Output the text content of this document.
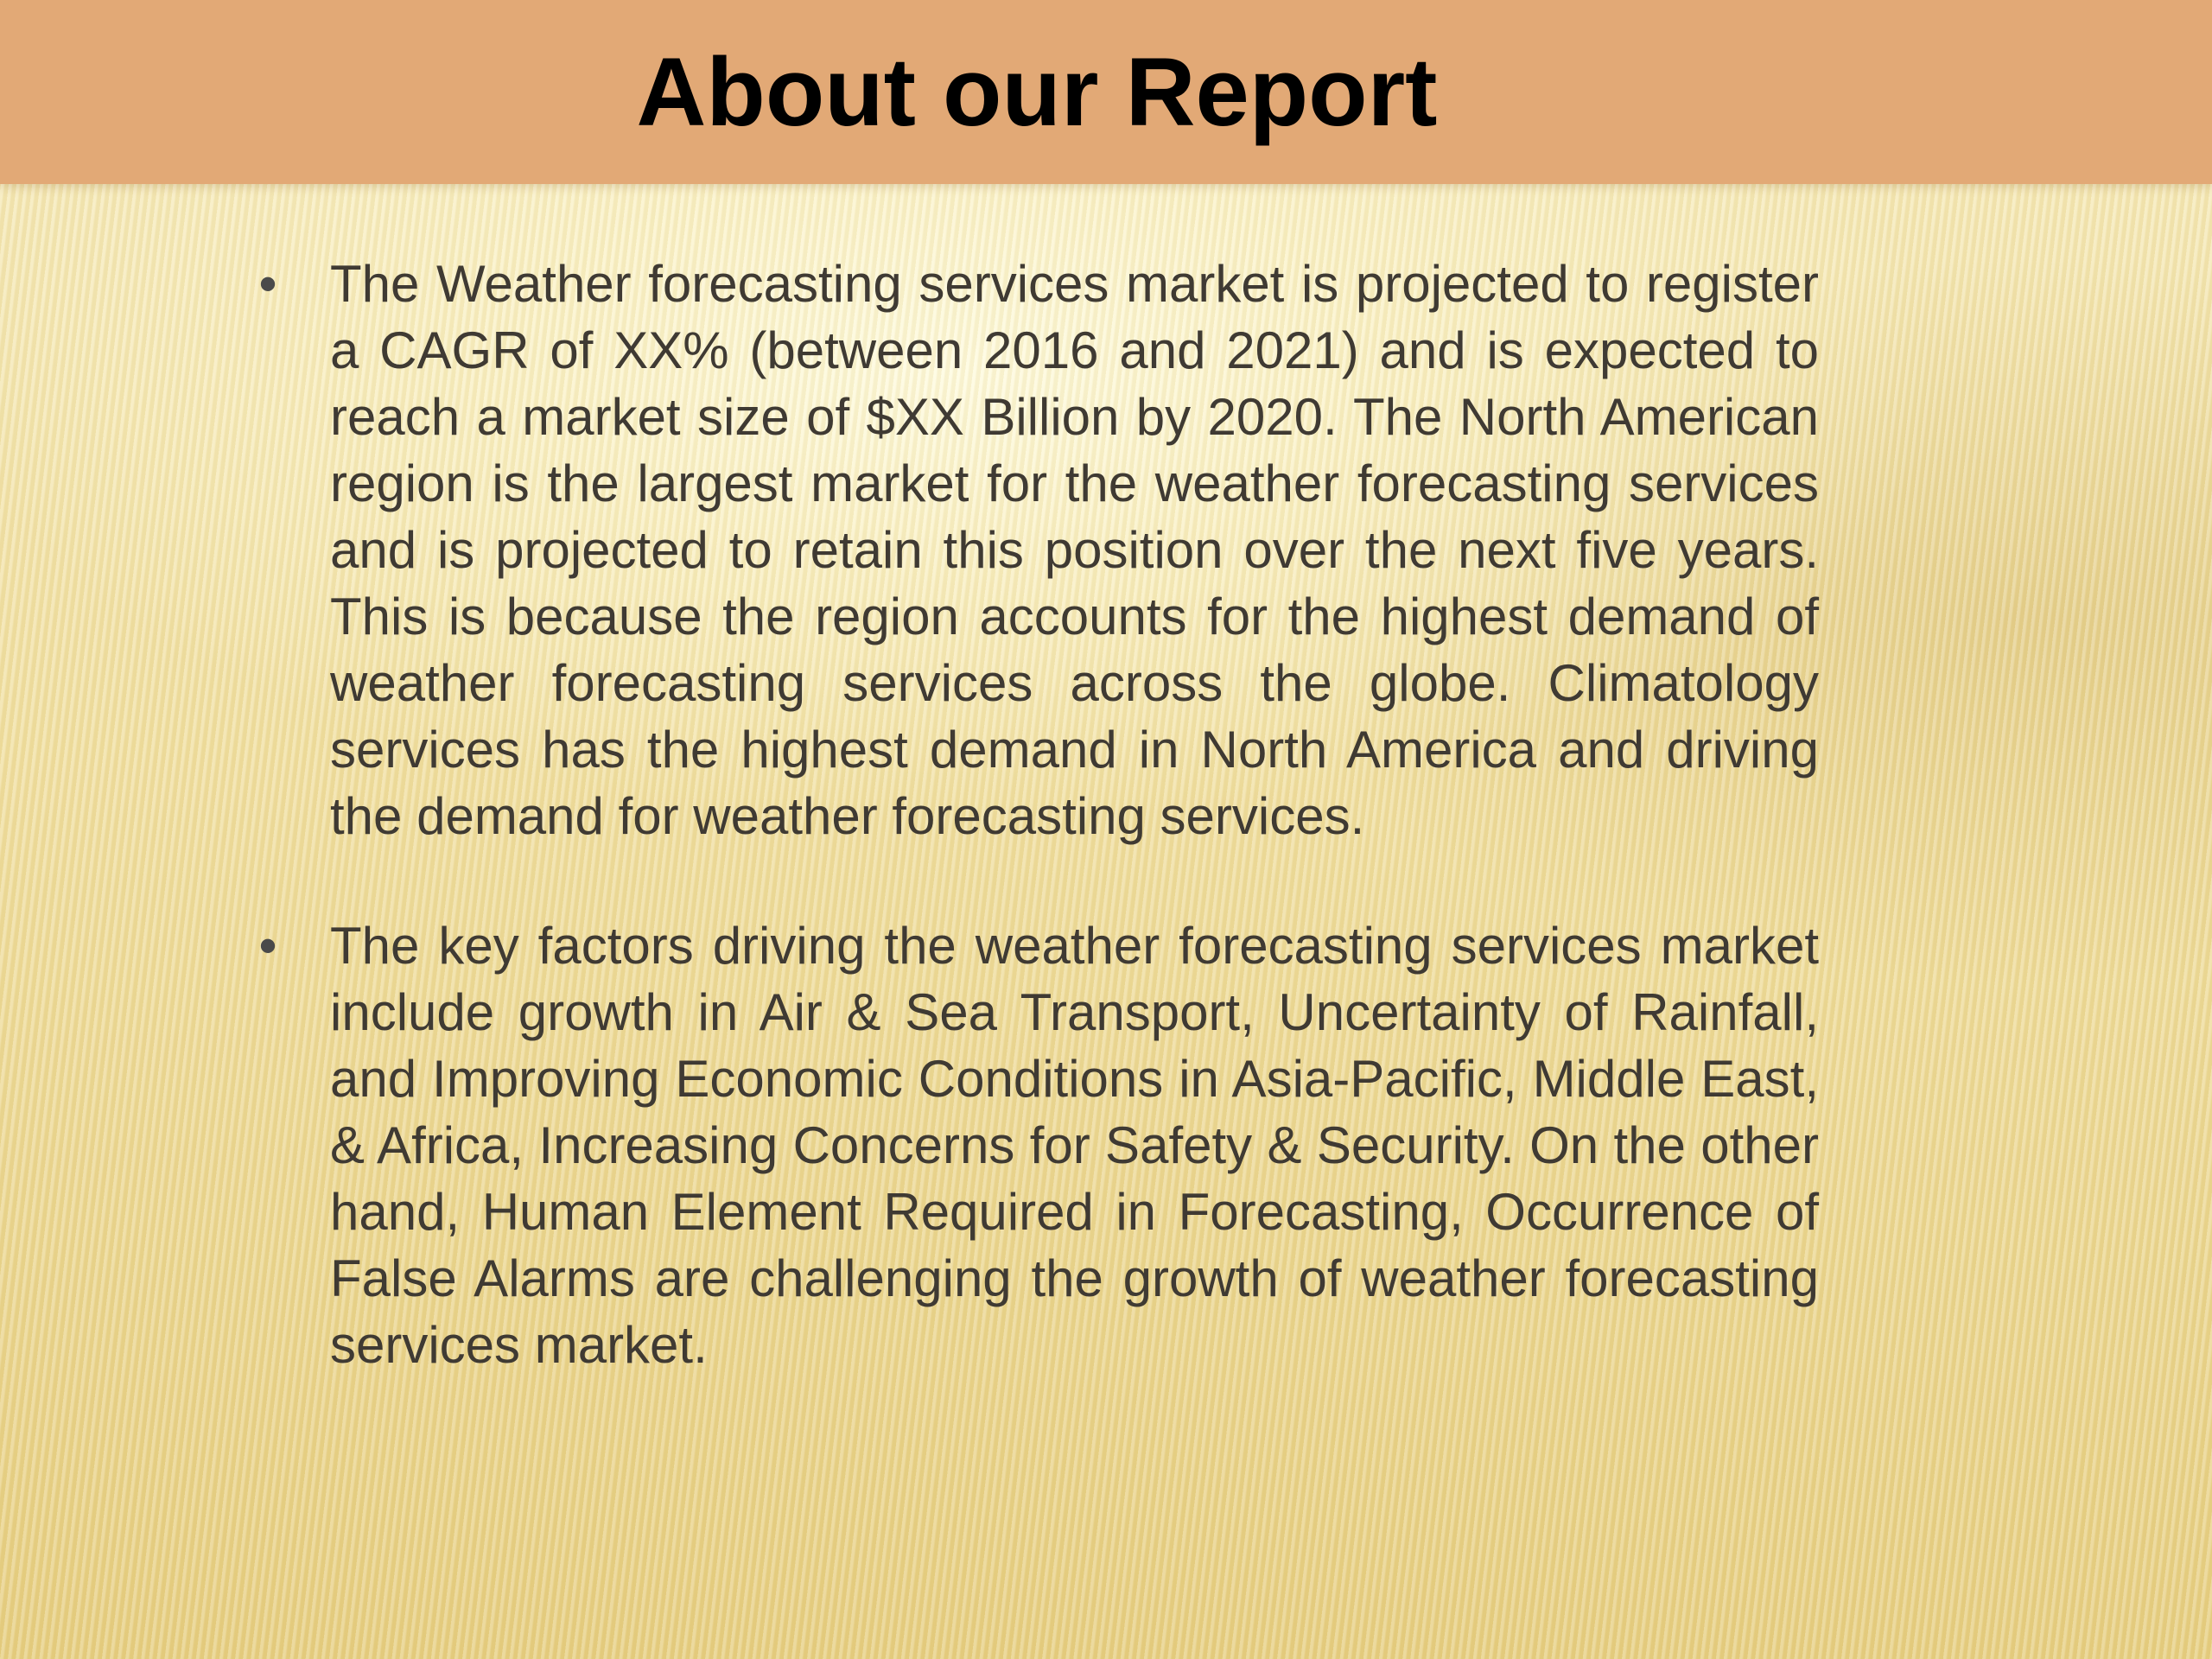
About our Report
• The Weather forecasting services market is projected to register a CAGR of XX% (between 2016 and 2021) and is expected to reach a market size of $XX Billion by 2020. The North American region is the largest market for the weather forecasting services and is projected to retain this position over the next five years. This is because the region accounts for the highest demand of weather forecasting services across the globe. Climatology services has the highest demand in North America and driving the demand for weather forecasting services.

• The key factors driving the weather forecasting services market include growth in Air & Sea Transport, Uncertainty of Rainfall, and Improving Economic Conditions in Asia-Pacific, Middle East, & Africa, Increasing Concerns for Safety & Security. On the other hand, Human Element Required in Forecasting, Occurrence of False Alarms are challenging the growth of weather forecasting services market.
